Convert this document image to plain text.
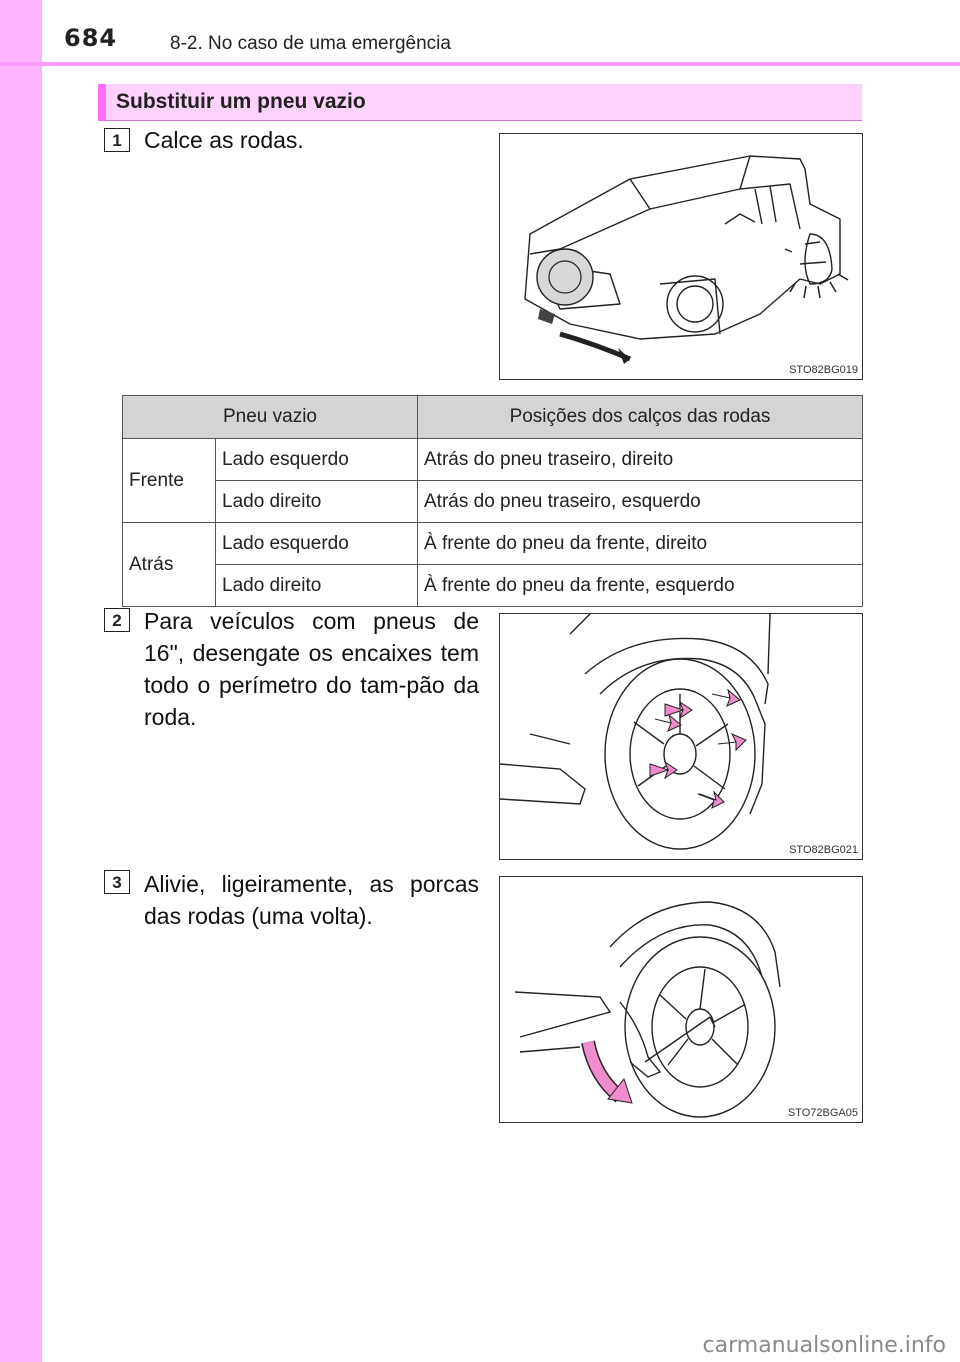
684	8-2. No caso de uma emergência
Substituir um pneu vazio
1 Calce as rodas.
STO82BG019
Pneu vazio		Posições dos calços das rodas
Frente	Lado esquerdo	Atrás do pneu traseiro, direito
	Lado direito	Atrás do pneu traseiro, esquerdo
Atrás	Lado esquerdo	À frente do pneu da frente, direito
	Lado direito	À frente do pneu da frente, esquerdo
2 Para veículos com pneus de 16", desengate os encaixes tem todo o perímetro do tam-pão da roda.
STO82BG021
3 Alivie, ligeiramente, as porcas das rodas (uma volta).
STO72BGA05
carmanualsonline.info
